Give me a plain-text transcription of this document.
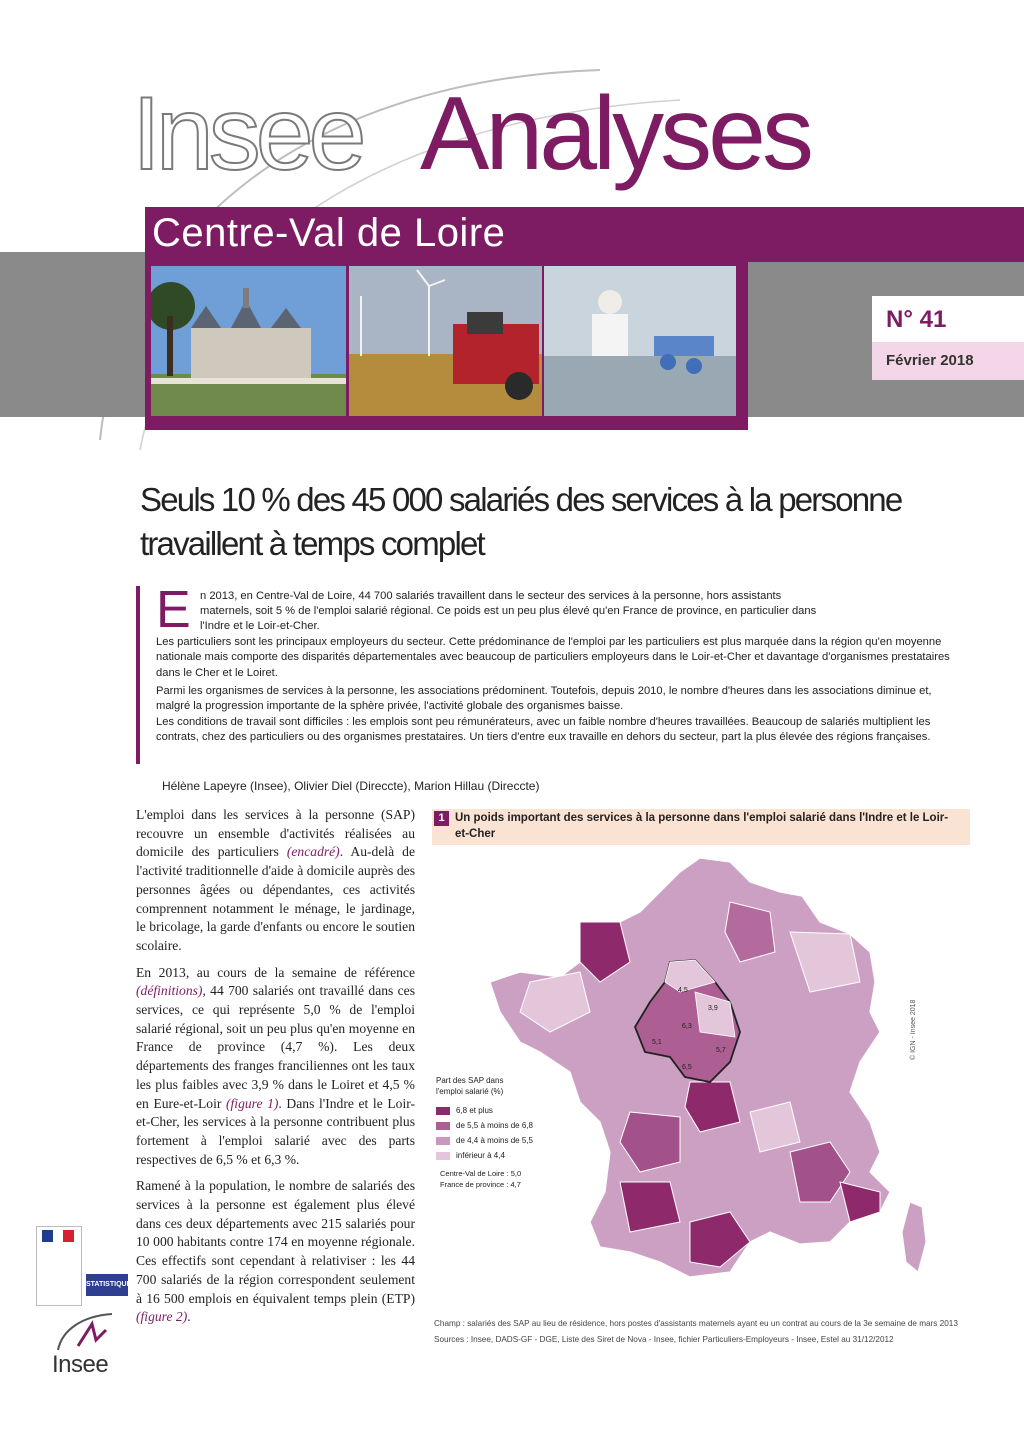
Insee Analyses
Centre-Val de Loire
N° 41
Février 2018
Seuls 10 % des 45 000 salariés des services à la personne
travaillent à temps complet
E n 2013, en Centre-Val de Loire, 44 700 salariés travaillent dans le secteur des services à la personne, hors assistants

maternels, soit 5 % de l'emploi salarié régional. Ce poids est un peu plus élevé qu'en France de province, en particulier dans

l'Indre et le Loir-et-Cher.

Les particuliers sont les principaux employeurs du secteur. Cette prédominance de l'emploi par les particuliers est plus marquée dans la région qu'en moyenne nationale mais comporte des disparités départementales avec beaucoup de particuliers employeurs dans le Loir-et-Cher et davantage d'organismes prestataires dans le Cher et le Loiret.

Parmi les organismes de services à la personne, les associations prédominent. Toutefois, depuis 2010, le nombre d'heures dans les associations diminue et, malgré la progression importante de la sphère privée, l'activité globale des organismes baisse.

Les conditions de travail sont difficiles : les emplois sont peu rémunérateurs, avec un faible nombre d'heures travaillées. Beaucoup de salariés multiplient les contrats, chez des particuliers ou des organismes prestataires. Un tiers d'entre eux travaille en dehors du secteur, part la plus élevée des régions françaises.

Hélène Lapeyre (Insee), Olivier Diel (Direccte), Marion Hillau (Direccte)

L'emploi dans les services à la personne (SAP) recouvre un ensemble d'activités réalisées au domicile des particuliers (encadré). Au-delà de l'activité traditionnelle d'aide à domicile auprès des personnes âgées ou dépendantes, ces activités comprennent notamment le ménage, le jardinage, le bricolage, la garde d'enfants ou encore le soutien scolaire.

En 2013, au cours de la semaine de référence (définitions), 44 700 salariés ont travaillé dans ces services, ce qui représente 5,0 % de l'emploi salarié régional, soit un peu plus qu'en moyenne en France de province (4,7 %). Les deux départements des franges franciliennes ont les taux les plus faibles avec 3,9 % dans le Loiret et 4,5 % en Eure-et-Loir (figure 1). Dans l'Indre et le Loir-et-Cher, les services à la personne contribuent plus fortement à l'emploi salarié avec des parts respectives de 6,5 % et 6,3 %.

Ramené à la population, le nombre de salariés des services à la personne est également plus élevé dans ces deux départements avec 215 salariés pour 10 000 habitants contre 174 en moyenne régionale. Ces effectifs sont cependant à relativiser : les 44 700 salariés de la région correspondent seulement à 16 500 emplois en équivalent temps plein (ETP) (figure 2).

1 Un poids important des services à la personne dans l'emploi salarié dans l'Indre et le Loir-et-Cher
4,5
3,9
6,3
5,1
5,7
6,5
Part des SAP dans
l'emploi salarié (%)
6,8 et plus
de 5,5 à moins de 6,8
de 4,4 à moins de 5,5
inférieur à 4,4
Centre-Val de Loire : 5,0
France de province : 4,7
© IGN - Insee 2018

Champ : salariés des SAP au lieu de résidence, hors postes d'assistants maternels ayant eu un contrat au cours de la 3e semaine de mars 2013

Sources : Insee, DADS-GF - DGE, Liste des Siret de Nova - Insee, fichier Particuliers-Employeurs - Insee, Estel au 31/12/2012

STATISTIQUE
Insee
